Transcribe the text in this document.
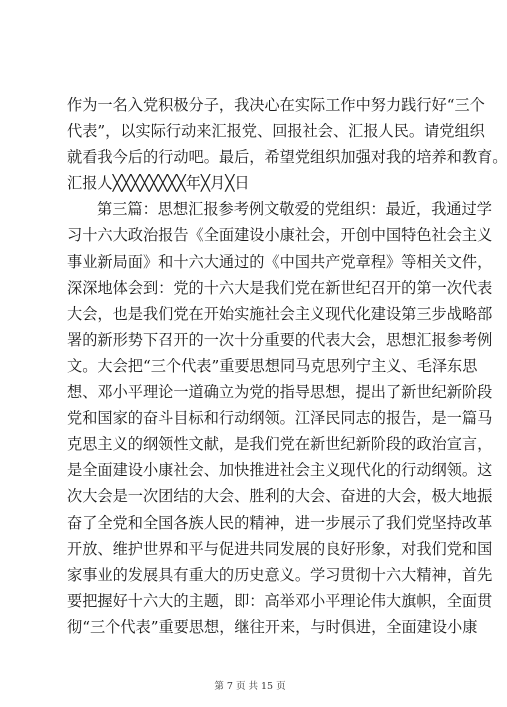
作为一名入党积极分子，我决心在实际工作中努力践行好“三个
代表”，以实际行动来汇报党、回报社会、汇报人民。请党组织
就看我今后的行动吧。最后，希望党组织加强对我的培养和教育。
汇报人╳╳╳╳╳╳╳╳年╳月╳日
第三篇：思想汇报参考例文敬爱的党组织：最近，我通过学
习十六大政治报告《全面建设小康社会，开创中国特色社会主义
事业新局面》和十六大通过的《中国共产党章程》等相关文件，
深深地体会到：党的十六大是我们党在新世纪召开的第一次代表
大会，也是我们党在开始实施社会主义现代化建设第三步战略部
署的新形势下召开的一次十分重要的代表大会，思想汇报参考例
文。大会把“三个代表”重要思想同马克思列宁主义、毛泽东思
想、邓小平理论一道确立为党的指导思想，提出了新世纪新阶段
党和国家的奋斗目标和行动纲领。江泽民同志的报告，是一篇马
克思主义的纲领性文献，是我们党在新世纪新阶段的政治宣言，
是全面建设小康社会、加快推进社会主义现代化的行动纲领。这
次大会是一次团结的大会、胜利的大会、奋进的大会，极大地振
奋了全党和全国各族人民的精神，进一步展示了我们党坚持改革
开放、维护世界和平与促进共同发展的良好形象，对我们党和国
家事业的发展具有重大的历史意义。学习贯彻十六大精神，首先
要把握好十六大的主题，即：高举邓小平理论伟大旗帜，全面贯
彻“三个代表”重要思想，继往开来，与时俱进，全面建设小康
第 7 页 共 15 页
